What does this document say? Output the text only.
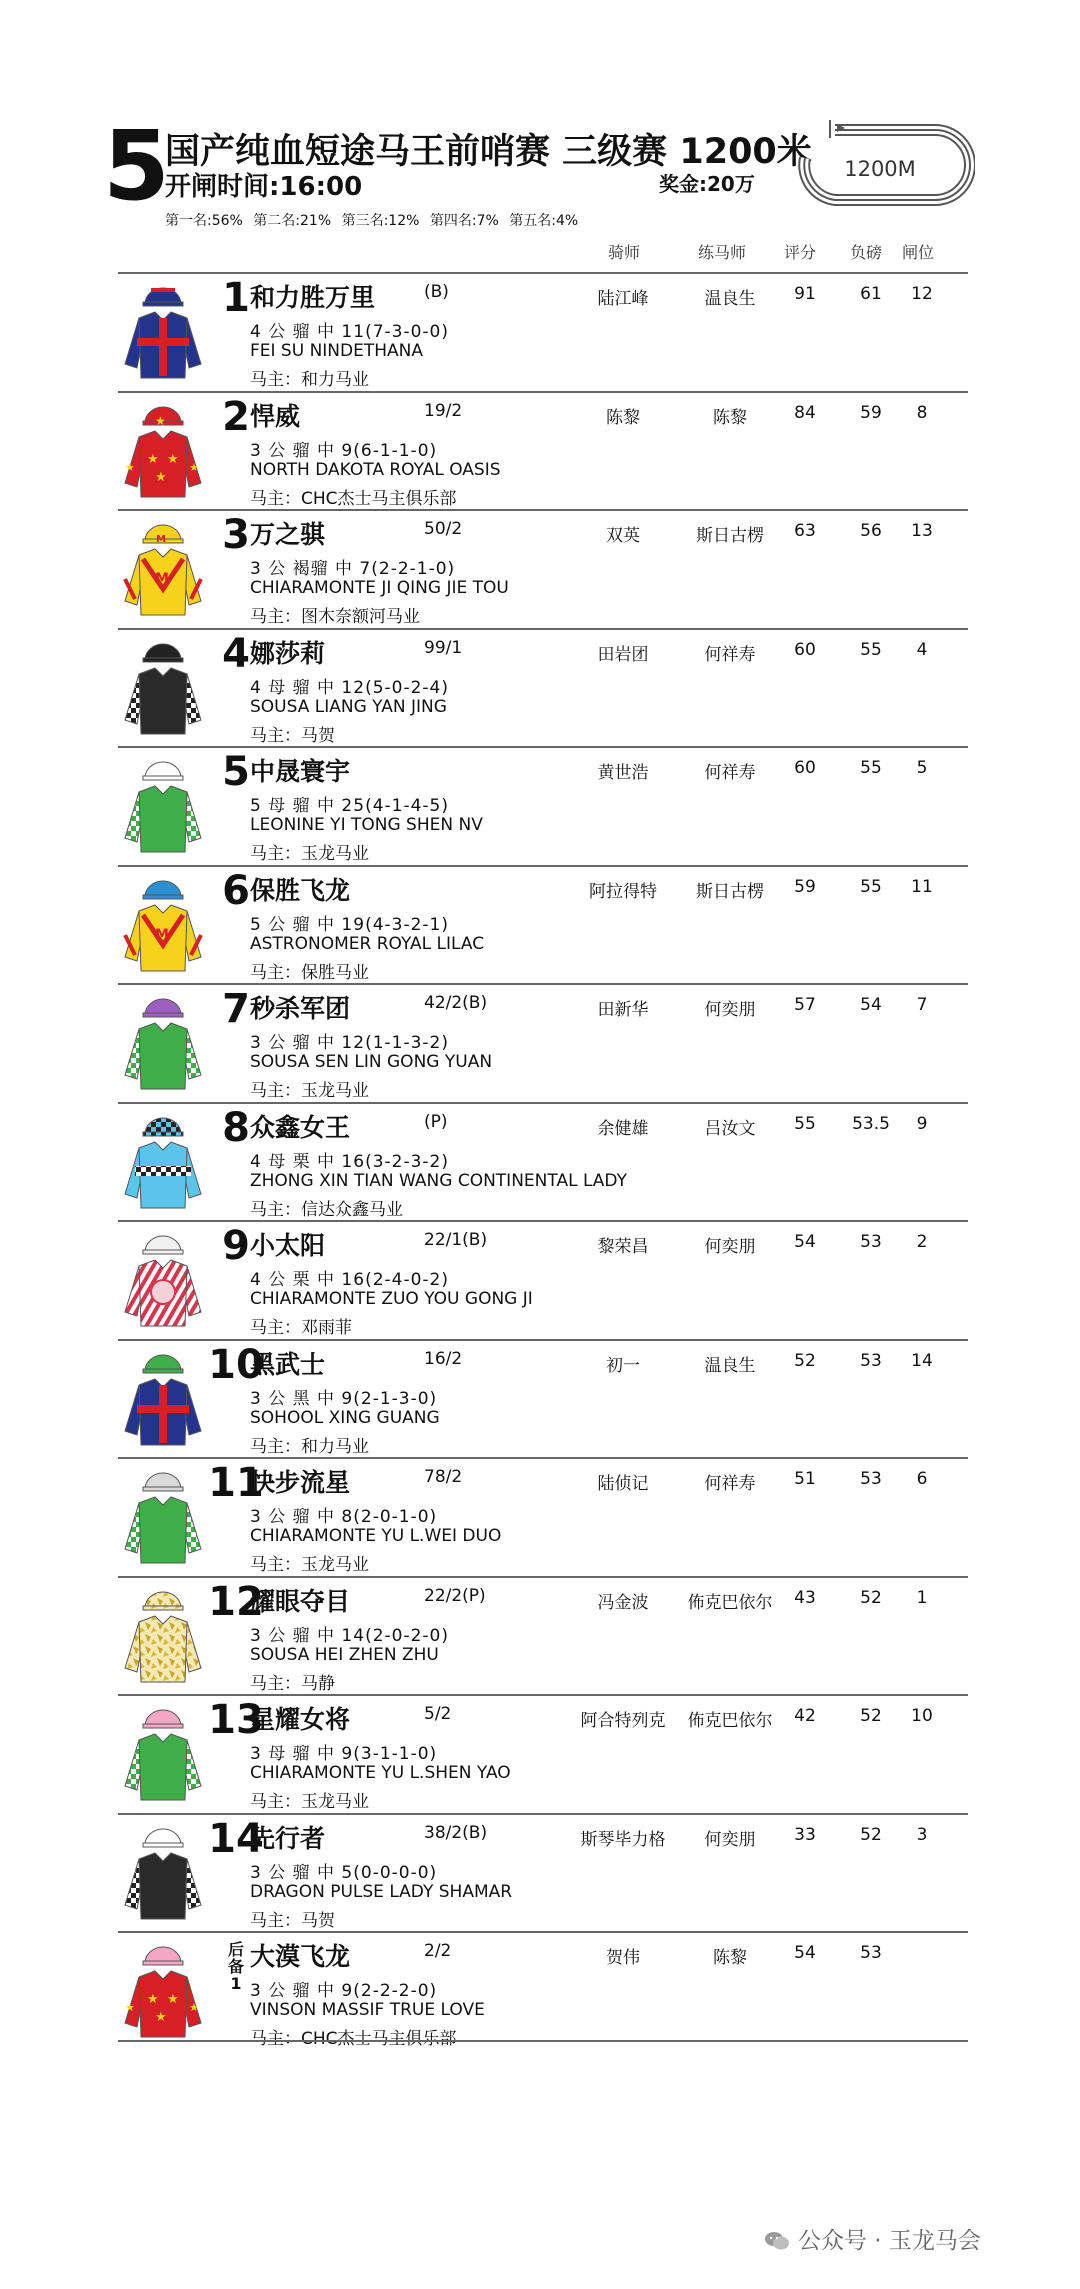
5
国产纯血短途马王前哨赛 三级赛 1200米
开闸时间:16:00	奖金:20万
第一名:56% 第二名:21% 第三名:12% 第四名:7% 第五名:4%
1200M
骑师	练马师	评分	负磅	闸位
1 和力胜万里	(B)
4 公 骝 中 11(7-3-0-0)
FEI SU NINDETHANA
马主：和力马业
陆江峰	温良生	91	61	12
★ ★
★
★	★
★	2 悍威	19/2
3 公 骝 中 9(6-1-1-0)
NORTH DAKOTA ROYAL OASIS
马主：CHC杰士马主俱乐部
陈黎	陈黎	84	59	8
M
M	3 万之骐	50/2
3 公 褐骝 中 7(2-2-1-0)
CHIARAMONTE JI QING JIE TOU
马主：图木奈额河马业
双英	斯日古楞	63	56	13
4 娜莎莉	99/1
4 母 骝 中 12(5-0-2-4)
SOUSA LIANG YAN JING
马主：马贺
田岩团	何祥寿	60	55	4
5 中晟寰宇
5 母 骝 中 25(4-1-4-5)
LEONINE YI TONG SHEN NV
马主：玉龙马业
黄世浩	何祥寿	60	55	5
M
6 保胜飞龙
5 公 骝 中 19(4-3-2-1)
ASTRONOMER ROYAL LILAC
马主：保胜马业
阿拉得特	斯日古楞	59	55	11
7 秒杀军团	42/2(B)
3 公 骝 中 12(1-1-3-2)
SOUSA SEN LIN GONG YUAN
马主：玉龙马业
田新华	何奕朋	57	54	7
8 众鑫女王	(P)
4 母 栗 中 16(3-2-3-2)
ZHONG XIN TIAN WANG CONTINENTAL LADY
马主：信达众鑫马业
余健雄	吕汝文	55	53.5	9
9 小太阳	22/1(B)
4 公 栗 中 16(2-4-0-2)
CHIARAMONTE ZUO YOU GONG JI
马主：邓雨菲
黎荣昌	何奕朋	54	53	2
10
黑武士	16/2
3 公 黑 中 9(2-1-3-0)
SOHOOL XING GUANG
马主：和力马业
初一	温良生	52	53	14
11
快步流星	78/2
3 公 骝 中 8(2-0-1-0)
CHIARAMONTE YU L.WEI DUO
马主：玉龙马业
陆侦记	何祥寿	51	53	6
12
耀眼夺目	22/2(P)
3 公 骝 中 14(2-0-2-0)
SOUSA HEI ZHEN ZHU
马主：马静
冯金波	佈克巴依尔	43	52	1
13
星耀女将	5/2
3 母 骝 中 9(3-1-1-0)
CHIARAMONTE YU L.SHEN YAO
马主：玉龙马业
阿合特列克	佈克巴依尔	42	52	10
14
先行者	38/2(B)
3 公 骝 中 5(0-0-0-0)
DRAGON PULSE LADY SHAMAR
马主：马贺
斯琴毕力格	何奕朋	33	52	3
★ ★
★
★	★
后
备
1
大漠飞龙	2/2
3 公 骝 中 9(2-2-2-0)
VINSON MASSIF TRUE LOVE
马主：CHC杰士马主俱乐部
贺伟	陈黎	54	53
公众号 · 玉龙马会
